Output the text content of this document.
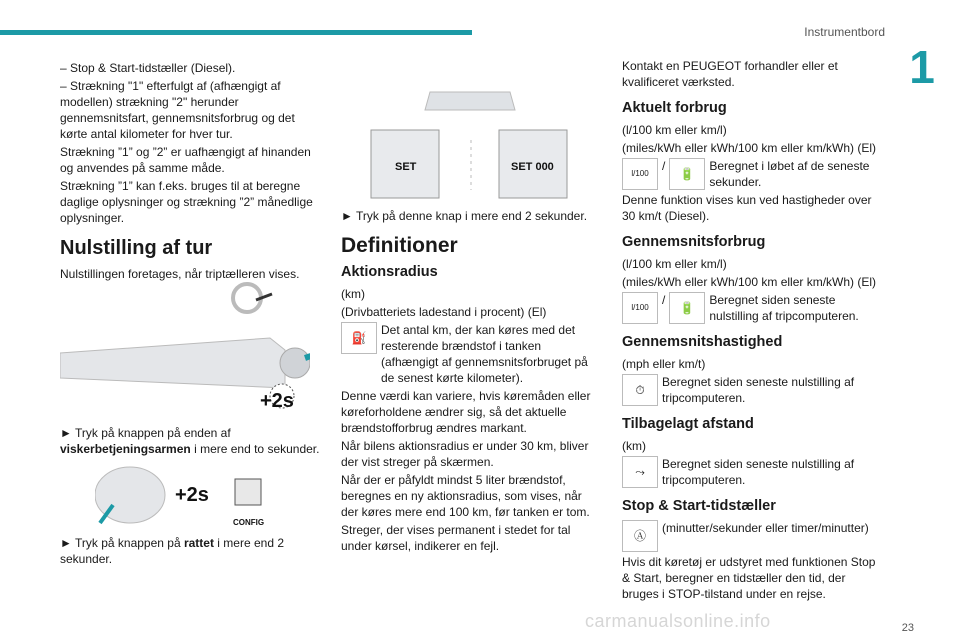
Instrumentbord
1
23
carmanualsonline.info

– Stop & Start-tidstæller (Diesel).

– Strækning "1" efterfulgt af (afhængigt af modellen) strækning "2" herunder gennemsnitsfart, gennemsnitsforbrug og det kørte antal kilometer for hver tur.

Strækning ”1” og ”2” er uafhængigt af hinanden og anvendes på samme måde.

Strækning ”1” kan f.eks. bruges til at beregne daglige oplysninger og strækning ”2” månedlige oplysninger.

Nulstilling af tur

Nulstillingen foretages, når triptælleren vises.

+2s

► Tryk på knappen på enden af viskerbetjeningsarmen i mere end to sekunder.

+2s
CONFIG

► Tryk på knappen på rattet i mere end 2 sekunder.

SET	SET 000

► Tryk på denne knap i mere end 2 sekunder.

Definitioner
Aktionsradius

(km)

(Drivbatteriets ladestand i procent) (El)

⛽
Det antal km, der kan køres med det resterende brændstof i tanken (afhængigt af gennemsnitsforbruget på de senest kørte kilometer).

Denne værdi kan variere, hvis køremåden eller køreforholdene ændrer sig, så det aktuelle brændstofforbrug ændres markant.

Når bilens aktionsradius er under 30 km, bliver der vist streger på skærmen.

Når der er påfyldt mindst 5 liter brændstof, beregnes en ny aktionsradius, som vises, når der køres mere end 100 km, før tanken er tom.

Streger, der vises permanent i stedet for tal under kørsel, indikerer en fejl.

Kontakt en PEUGEOT forhandler eller et kvalificeret værksted.

Aktuelt forbrug

(l/100 km eller km/l)

(miles/kWh eller kWh/100 km eller km/kWh) (El)

l/100
/
🔋
Beregnet i løbet af de seneste sekunder.

Denne funktion vises kun ved hastigheder over 30 km/t (Diesel).

Gennemsnitsforbrug

(l/100 km eller km/l)

(miles/kWh eller kWh/100 km eller km/kWh) (El)

l/100
/
🔋
Beregnet siden seneste nulstilling af tripcomputeren.
Gennemsnitshastighed

(mph eller km/t)

⏱
Beregnet siden seneste nulstilling af tripcomputeren.
Tilbagelagt afstand

(km)

⤳
Beregnet siden seneste nulstilling af tripcomputeren.
Stop & Start-tidstæller
Ⓐ
(minutter/sekunder eller timer/minutter)

Hvis dit køretøj er udstyret med funktionen Stop & Start, beregner en tidstæller den tid, der bruges i STOP-tilstand under en rejse.
